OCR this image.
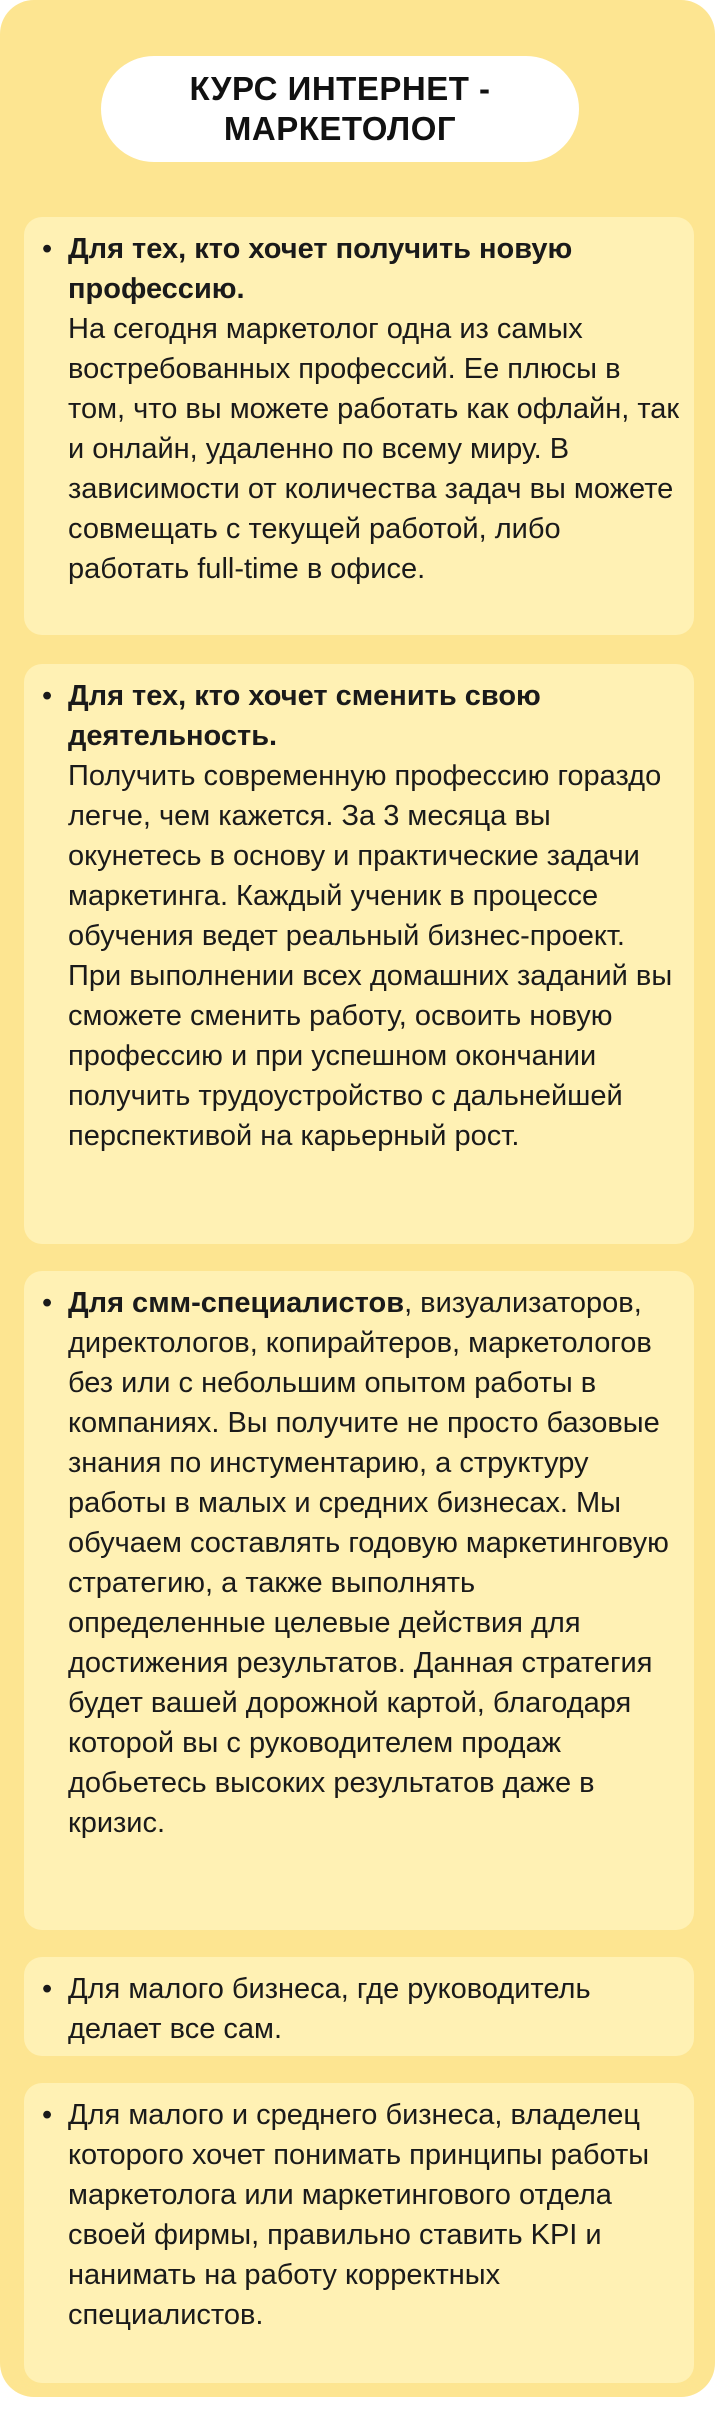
КУРС ИНТЕРНЕТ - МАРКЕТОЛОГ

• Для тех, кто хочет получить новую профессию.
На сегодня маркетолог одна из самых востребованных профессий. Ее плюсы в том, что вы можете работать как офлайн, так и онлайн, удаленно по всему миру. В зависимости от количества задач вы можете совмещать с текущей работой, либо работать full-time в офисе.

• Для тех, кто хочет сменить свою деятельность.
Получить современную профессию гораздо легче, чем кажется. За 3 месяца вы окунетесь в основу и практические задачи маркетинга. Каждый ученик в процессе обучения ведет реальный бизнес-проект. При выполнении всех домашних заданий вы сможете сменить работу, освоить новую профессию и при успешном окончании получить трудоустройство с дальнейшей перспективой на карьерный рост.

• Для смм-специалистов, визуализаторов, директологов, копирайтеров, маркетологов без или с небольшим опытом работы в компаниях. Вы получите не просто базовые знания по инстументарию, а структуру работы в малых и средних бизнесах. Мы обучаем составлять годовую маркетинговую стратегию, а также выполнять определенные целевые действия для достижения результатов. Данная стратегия будет вашей дорожной картой, благодаря которой вы с руководителем продаж добьетесь высоких результатов даже в кризис.

• Для малого бизнеса, где руководитель делает все сам.

• Для малого и среднего бизнеса, владелец которого хочет понимать принципы работы маркетолога или маркетингового отдела своей фирмы, правильно ставить KPI и нанимать на работу корректных специалистов.
